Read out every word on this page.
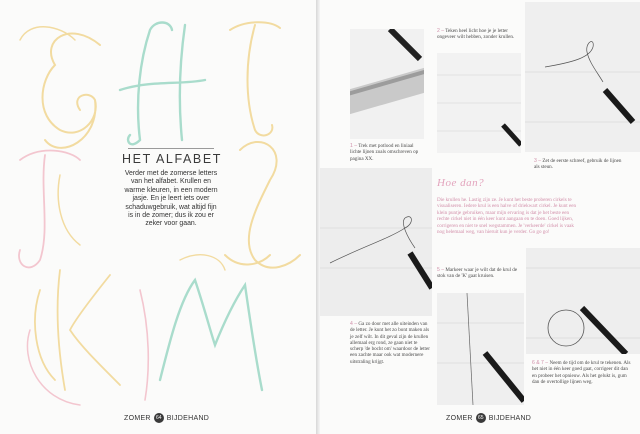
HET ALFABET

Verder met de zomerse letters van het alfabet. Krullen en warme kleuren, in een modern jasje. En je leert iets over schaduwgebruik, wat altijd fijn is in de zomer; dus ik zou er zeker voor gaan.

ZOMER	64 BIJDEHAND

1 – Trek met potlood en liniaal lichte lijnen zoals omschreven op pagina XX.

2 – Teken heel licht hoe je je letter ongeveer wilt hebben, zonder krullen.

3 – Zet de eerste schreef, gebruik de lijnen als steun.

Hoe dan?

Die krullen he. Lastig zijn ze. Je kunt het beste proberen cirkels te visualiseren. Iedere krul is een halve of driekwart cirkel. Je kunt een klein puntje gebruiken, maar mijn ervaring is dat je het beste een rechte cirkel niet in één keer kunt aangaan en te doen. Goed lijken, corrigeren en niet te snel wegstammen. Je 'verkeerde' cirkel is vaak nog helemaal weg, van hieruit kun je verder. Go go go!

4 – Ga zo door met alle uiteinden van de letter. Je kunt het zo bont maken als je zelf wilt. In dit geval zijn de krullen allemaal erg rond, ze gaan niet te scherp 'de bocht om' waardoor de letter een zachte maar ook wat modernere uitstraling krijgt.

5 – Markeer waar je wilt dat de krul de stok van de 'K' gaat kruisen.

6 & 7 – Neem de tijd om de krul te tekenen. Als het niet in één keer goed gaat, corrigeer dit dan en probeer het opnieuw. Als het gelukt is, gum dan de overtollige lijnen weg.

ZOMER	65 BIJDEHAND
